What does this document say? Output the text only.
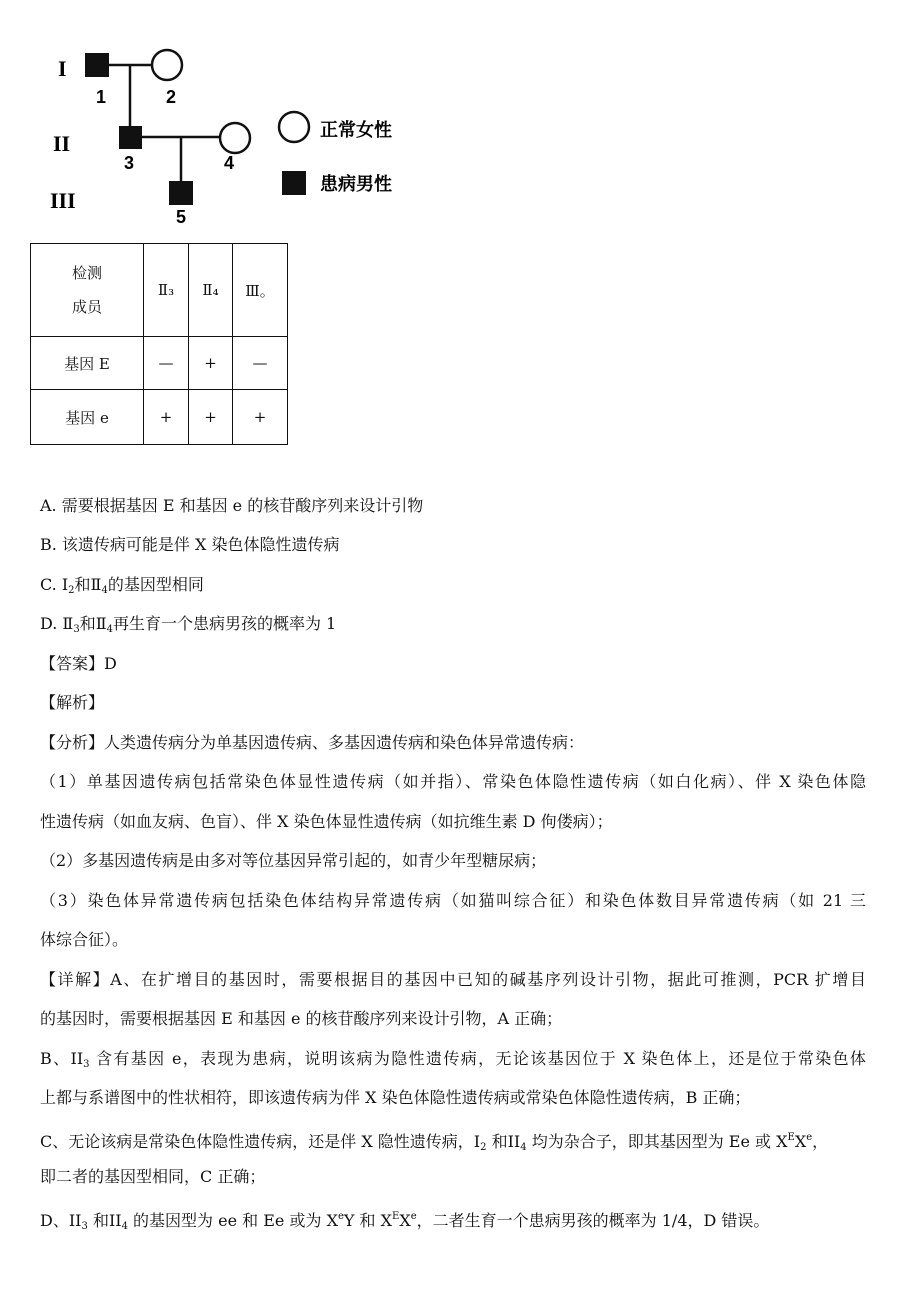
I
II
III
1	2
3	4
5
正常女性
患病男性
检测
成员	Ⅱ₃	Ⅱ₄	Ⅲ。
基因 E	—	+	—
基因 e	+	+	+
A. 需要根据基因 E 和基因 e 的核苷酸序列来设计引物
B. 该遗传病可能是伴 X 染色体隐性遗传病
C. $I_2$和$Ⅱ_4$的基因型相同
D. $Ⅱ_3$和$Ⅱ_4$再生育一个患病男孩的概率为 1
【答案】D
【解析】
【分析】人类遗传病分为单基因遗传病、多基因遗传病和染色体异常遗传病：
（1）单基因遗传病包括常染色体显性遗传病（如并指）、常染色体隐性遗传病（如白化病）、伴 X 染色体隐
性遗传病（如血友病、色盲）、伴 X 染色体显性遗传病（如抗维生素 D 佝偻病）；
（2）多基因遗传病是由多对等位基因异常引起的，如青少年型糖尿病；
（3）染色体异常遗传病包括染色体结构异常遗传病（如猫叫综合征）和染色体数目异常遗传病（如 21 三
体综合征）。
【详解】A、在扩增目的基因时，需要根据目的基因中已知的碱基序列设计引物，据此可推测，PCR 扩增目
的基因时，需要根据基因 E 和基因 e 的核苷酸序列来设计引物，A 正确；
B、$II_3$ 含有基因 e，表现为患病，说明该病为隐性遗传病，无论该基因位于 X 染色体上，还是位于常染色体
上都与系谱图中的性状相符，即该遗传病为伴 X 染色体隐性遗传病或常染色体隐性遗传病，B 正确；
C、无论该病是常染色体隐性遗传病，还是伴 X 隐性遗传病，$I_2$ 和$II_4$ 均为杂合子，即其基因型为 Ee 或 $X^EXe$，
即二者的基因型相同，C 正确；
D、$II_3$ 和$II_4$ 的基因型为 ee 和 Ee 或为 XeY 和 $X^EXe$，二者生育一个患病男孩的概率为 1/4，D 错误。
